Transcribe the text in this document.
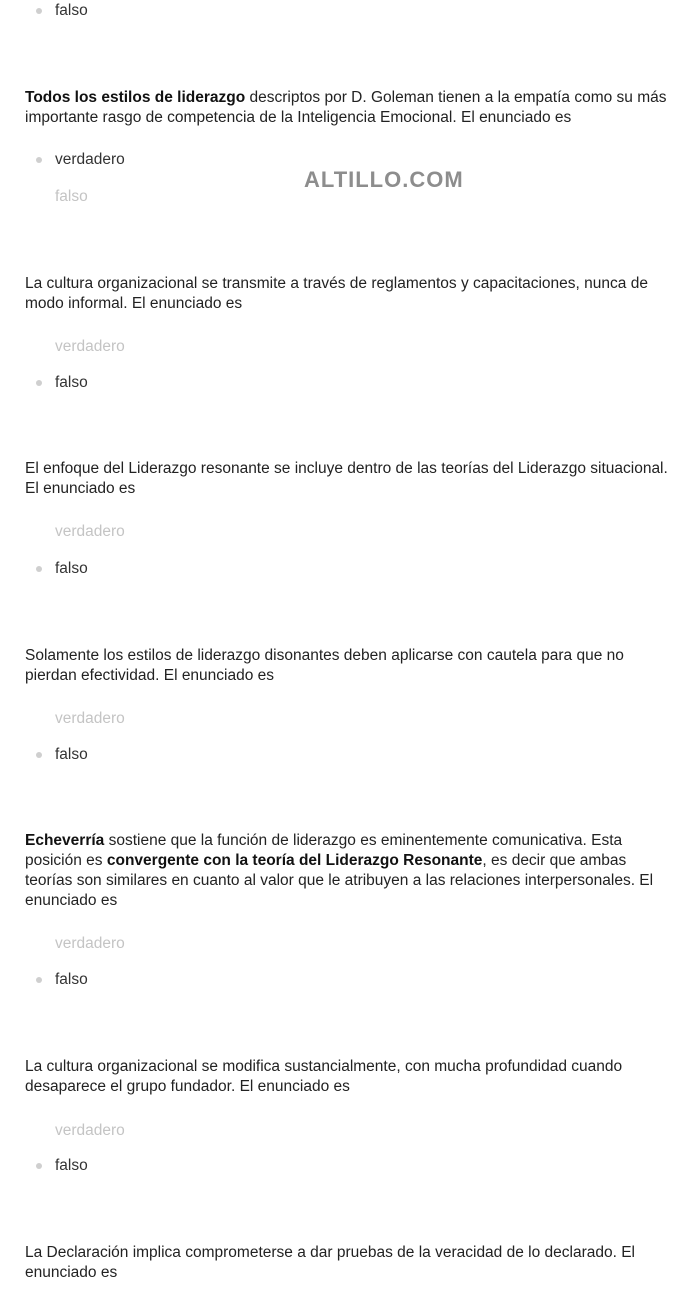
falso

Todos los estilos de liderazgo descriptos por D. Goleman tienen a la empatía como su más importante rasgo de competencia de la Inteligencia Emocional. El enunciado es

verdadero
falso
ALTILLO.COM

La cultura organizacional se transmite a través de reglamentos y capacitaciones, nunca de modo informal. El enunciado es

verdadero
falso

El enfoque del Liderazgo resonante se incluye dentro de las teorías del Liderazgo situacional. El enunciado es

verdadero
falso

Solamente los estilos de liderazgo disonantes deben aplicarse con cautela para que no pierdan efectividad. El enunciado es

verdadero
falso

Echeverría sostiene que la función de liderazgo es eminentemente comunicativa. Esta posición es convergente con la teoría del Liderazgo Resonante, es decir que ambas teorías son similares en cuanto al valor que le atribuyen a las relaciones interpersonales. El enunciado es

verdadero
falso

La cultura organizacional se modifica sustancialmente, con mucha profundidad cuando desaparece el grupo fundador. El enunciado es

verdadero
falso

La Declaración implica comprometerse a dar pruebas de la veracidad de lo declarado. El enunciado es
